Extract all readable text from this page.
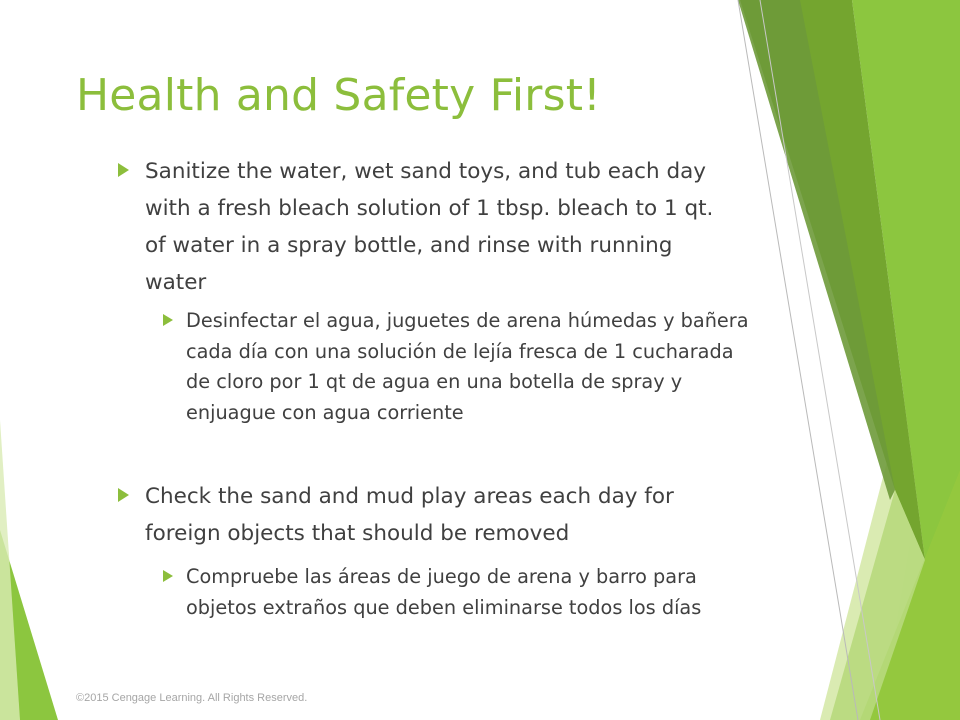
Health and Safety First!
Sanitize the water, wet sand toys, and tub each day with a fresh bleach solution of 1 tbsp. bleach to 1 qt. of water in a spray bottle, and rinse with running water
Desinfectar el agua, juguetes de arena húmedas y bañera cada día con una solución de lejía fresca de 1 cucharada de cloro por 1 qt de agua en una botella de spray y enjuague con agua corriente
Check the sand and mud play areas each day for foreign objects that should be removed
Compruebe las áreas de juego de arena y barro para objetos extraños que deben eliminarse todos los días
©2015 Cengage Learning. All Rights Reserved.
